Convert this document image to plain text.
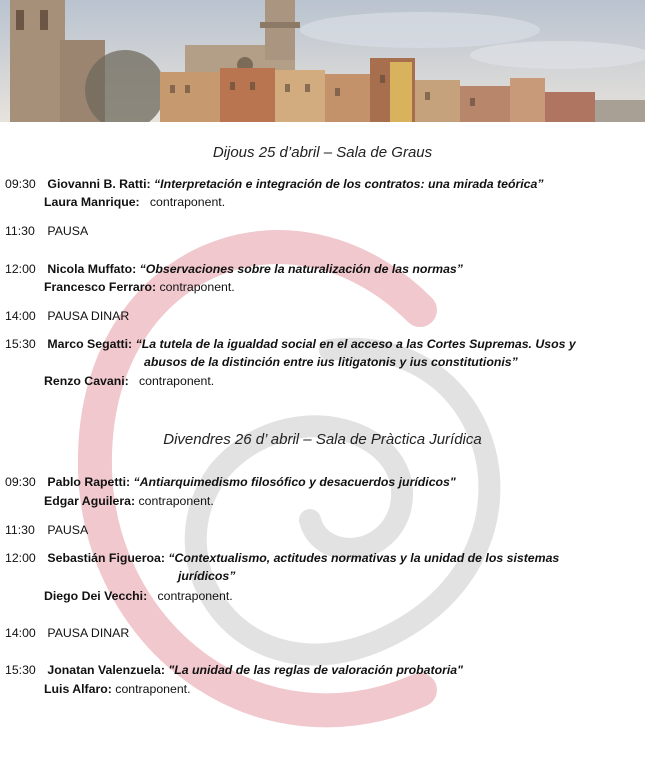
Dijous 25 d’abril – Sala de Graus
09:30 Giovanni B. Ratti: “Interpretación e integración de los contratos: una mirada teórica”
Laura Manrique: contraponent.
11:30 PAUSA
12:00 Nicola Muffato: “Observaciones sobre la naturalización de las normas”
Francesco Ferraro: contraponent.
14:00 PAUSA DINAR
15:30 Marco Segatti: “La tutela de la igualdad social en el acceso a las Cortes Supremas. Usos y
abusos de la distinción entre ius litigatonis y ius constitutionis”
Renzo Cavani: contraponent.
Divendres 26 d’ abril – Sala de Pràctica Jurídica
09:30 Pablo Rapetti: “Antiarquimedismo filosófico y desacuerdos jurídicos"
Edgar Aguilera: contraponent.
11:30 PAUSA
12:00 Sebastián Figueroa: “Contextualismo, actitudes normativas y la unidad de los sistemas
jurídicos”
Diego Dei Vecchi: contraponent.
14:00 PAUSA DINAR
15:30 Jonatan Valenzuela: "La unidad de las reglas de valoración probatoria"
Luis Alfaro: contraponent.
